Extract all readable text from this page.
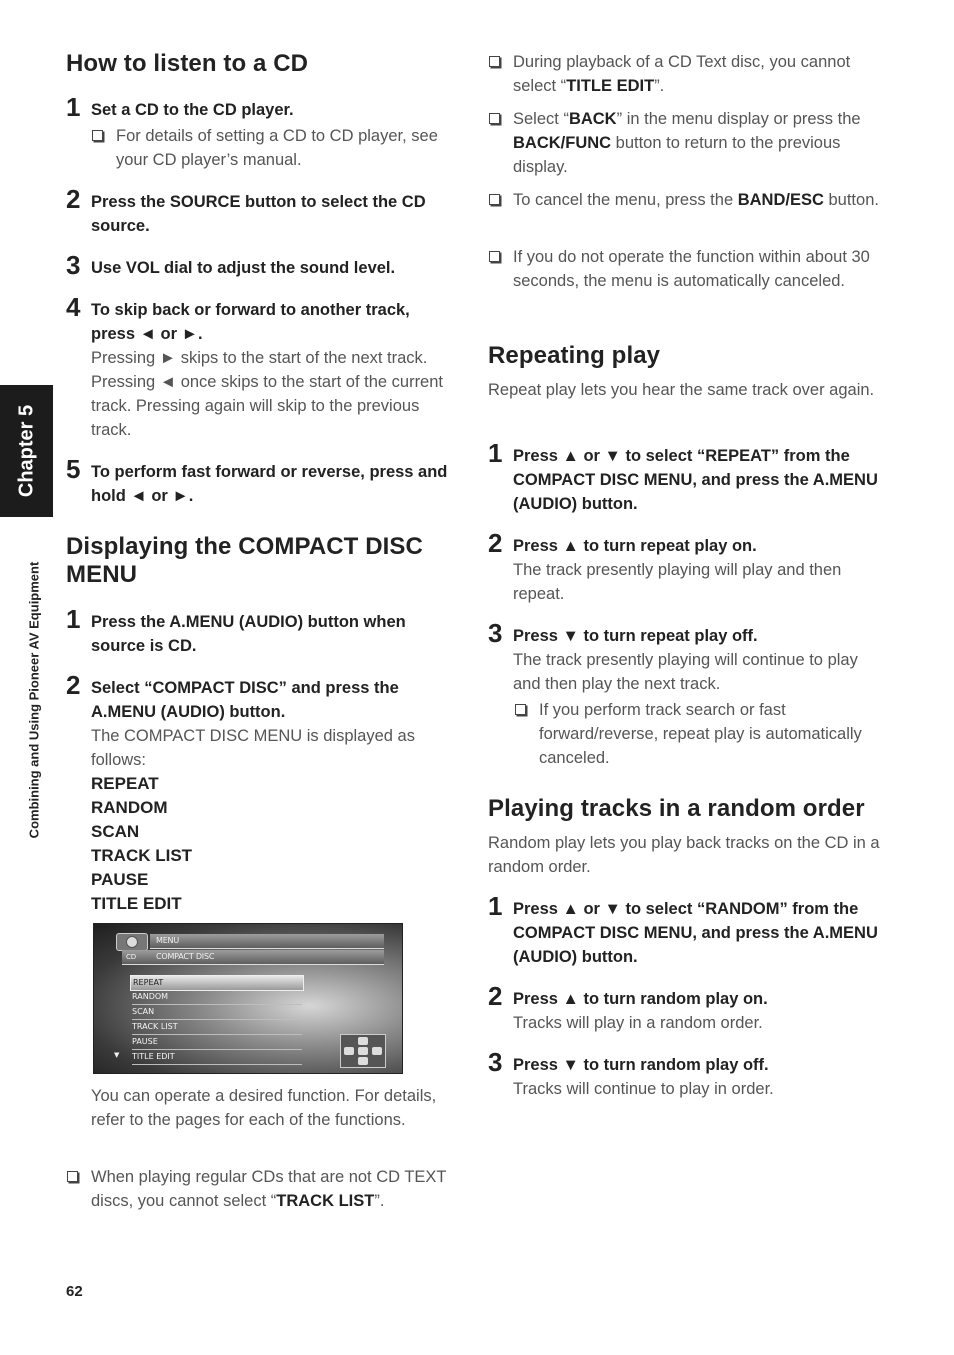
Chapter 5
Combining and Using Pioneer AV Equipment
How to listen to a CD
1 Set a CD to the CD player.
For details of setting a CD to CD player, see your CD player’s manual.
2 Press the SOURCE button to select the CD source.
3 Use VOL dial to adjust the sound level.
4 To skip back or forward to another track, press ◄ or ►.
Pressing ► skips to the start of the next track. Pressing ◄ once skips to the start of the current track. Pressing again will skip to the previous track.
5 To perform fast forward or reverse, press and hold ◄ or ►.
Displaying the COMPACT DISC MENU
1 Press the A.MENU (AUDIO) button when source is CD.
2 Select “COMPACT DISC” and press the A.MENU (AUDIO) button.
The COMPACT DISC MENU is displayed as follows:
REPEAT
RANDOM
SCAN
TRACK LIST
PAUSE
TITLE EDIT
You can operate a desired function. For details, refer to the pages for each of the functions.
When playing regular CDs that are not CD TEXT discs, you cannot select “TRACK LIST”.
MENU
CD	COMPACT DISC
REPEAT
RANDOM
SCAN
TRACK LIST
PAUSE
TITLE EDIT
▼
During playback of a CD Text disc, you cannot select “TITLE EDIT”.
Select “BACK” in the menu display or press the BACK/FUNC button to return to the previous display.
To cancel the menu, press the BAND/ESC button.
If you do not operate the function within about 30 seconds, the menu is automatically canceled.
Repeating play
Repeat play lets you hear the same track over again.
1 Press ▲ or ▼ to select “REPEAT” from the COMPACT DISC MENU, and press the A.MENU (AUDIO) button.
2 Press ▲ to turn repeat play on.
The track presently playing will play and then repeat.
3 Press ▼ to turn repeat play off.
The track presently playing will continue to play and then play the next track.
If you perform track search or fast forward/reverse, repeat play is automatically canceled.
Playing tracks in a random order
Random play lets you play back tracks on the CD in a random order.
1 Press ▲ or ▼ to select “RANDOM” from the COMPACT DISC MENU, and press the A.MENU (AUDIO) button.
2 Press ▲ to turn random play on.
Tracks will play in a random order.
3 Press ▼ to turn random play off.
Tracks will continue to play in order.
62
